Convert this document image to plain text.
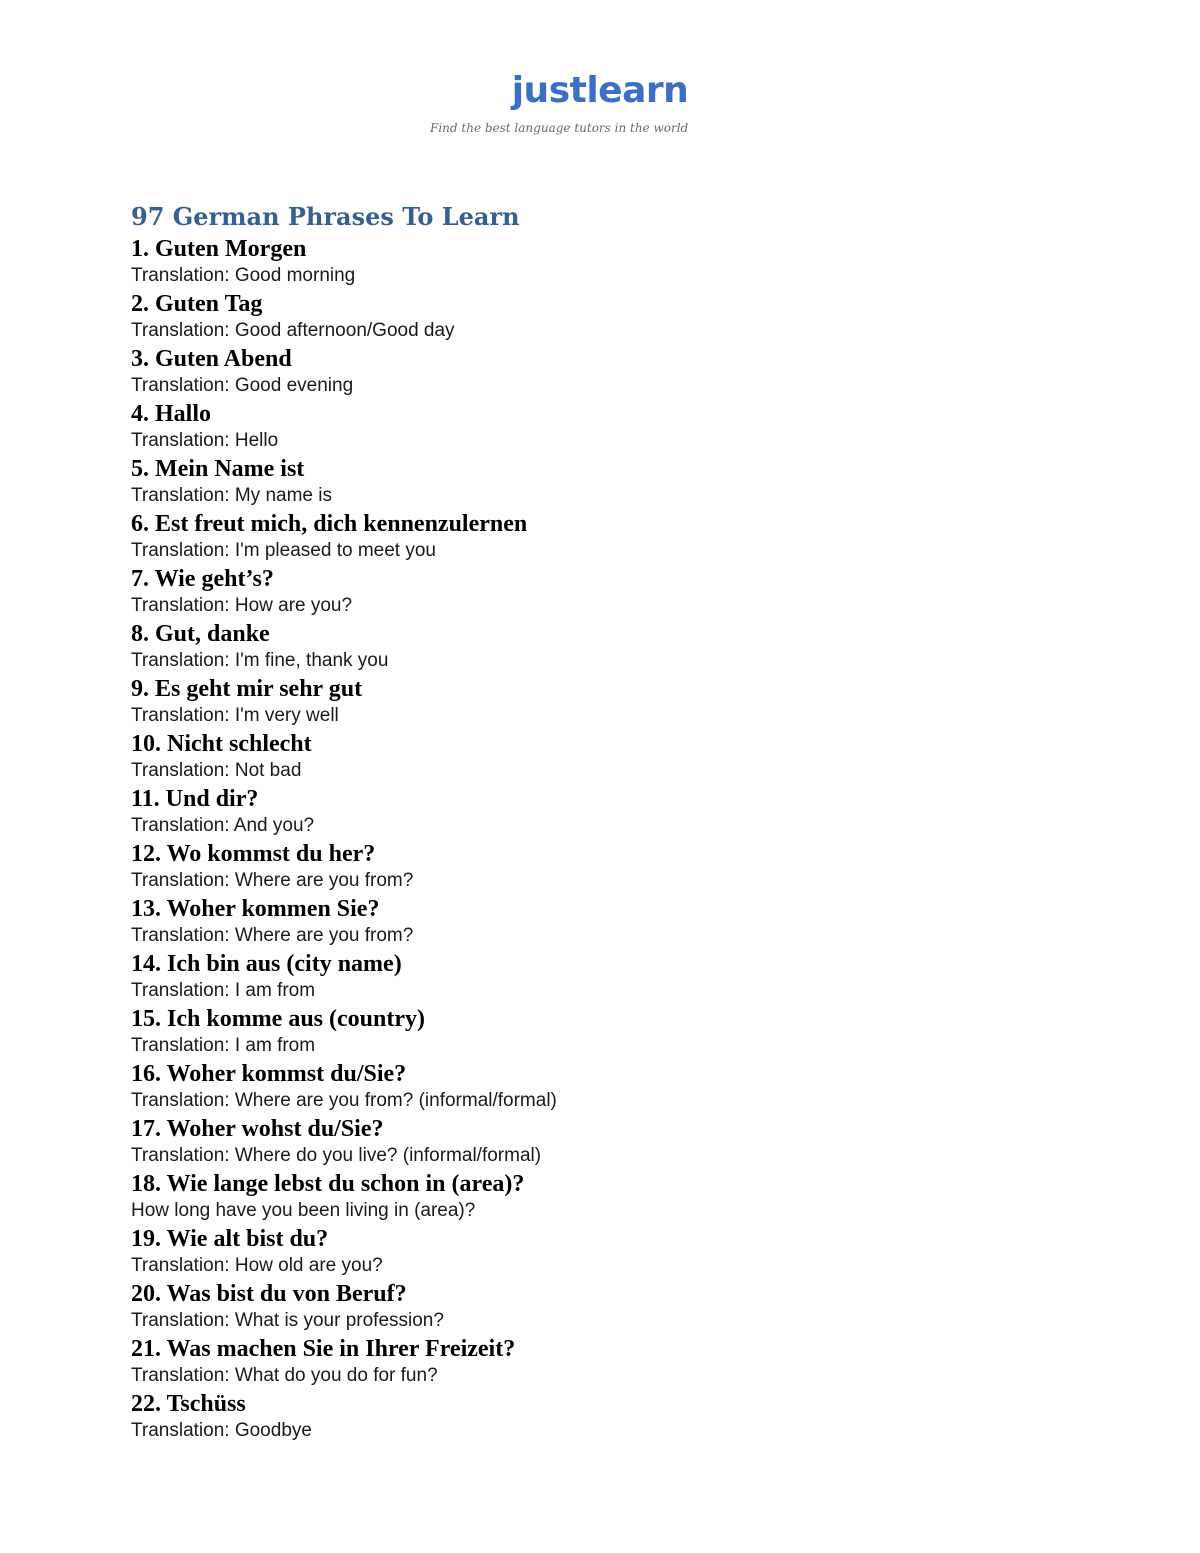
justlearn
Find the best language tutors in the world
97 German Phrases To Learn

1. Guten Morgen

Translation: Good morning

2. Guten Tag

Translation: Good afternoon/Good day

3. Guten Abend

Translation: Good evening

4. Hallo

Translation: Hello

5. Mein Name ist

Translation: My name is

6. Est freut mich, dich kennenzulernen

Translation: I'm pleased to meet you

7. Wie geht’s?

Translation: How are you?

8. Gut, danke

Translation: I'm fine, thank you

9. Es geht mir sehr gut

Translation: I'm very well

10. Nicht schlecht

Translation: Not bad

11. Und dir?

Translation: And you?

12. Wo kommst du her?

Translation: Where are you from?

13. Woher kommen Sie?

Translation: Where are you from?

14. Ich bin aus (city name)

Translation: I am from

15. Ich komme aus (country)

Translation: I am from

16. Woher kommst du/Sie?

Translation: Where are you from? (informal/formal)

17. Woher wohst du/Sie?

Translation: Where do you live? (informal/formal)

18. Wie lange lebst du schon in (area)?

How long have you been living in (area)?

19. Wie alt bist du?

Translation: How old are you?

20. Was bist du von Beruf?

Translation: What is your profession?

21. Was machen Sie in Ihrer Freizeit?

Translation: What do you do for fun?

22. Tschüss

Translation: Goodbye
